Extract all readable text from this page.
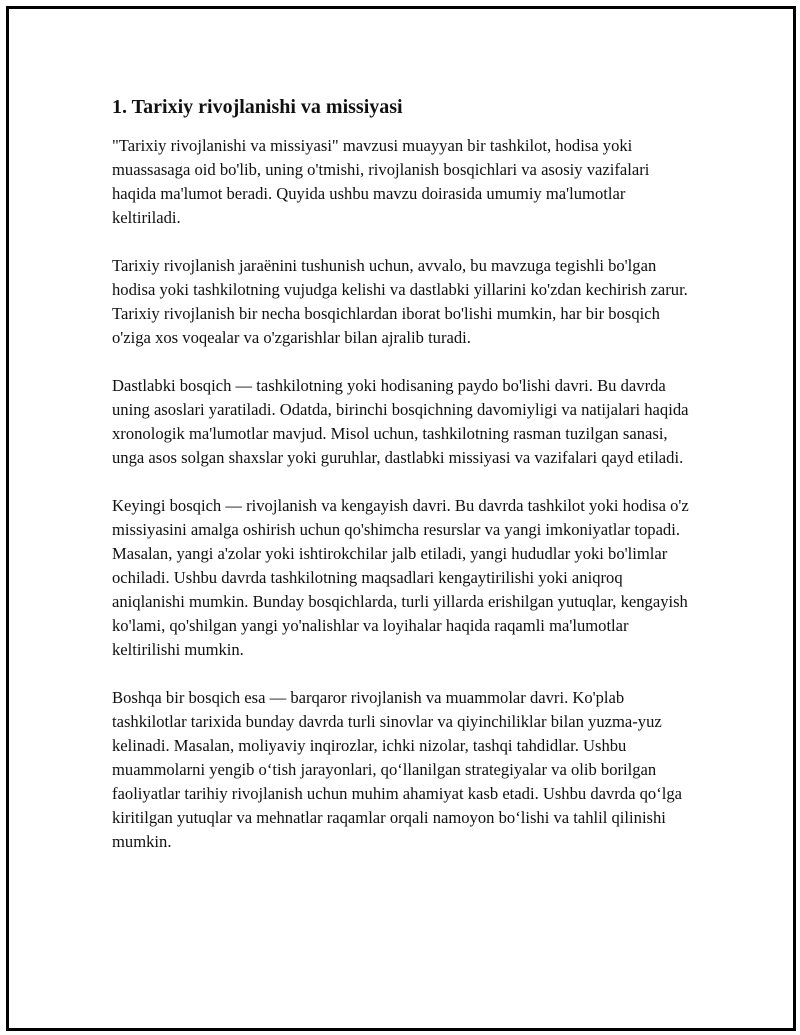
1. Tarixiy rivojlanishi va missiyasi

"Tarixiy rivojlanishi va missiyasi" mavzusi muayyan bir tashkilot, hodisa yoki muassasaga oid bo'lib, uning o'tmishi, rivojlanish bosqichlari va asosiy vazifalari haqida ma'lumot beradi. Quyida ushbu mavzu doirasida umumiy ma'lumotlar keltiriladi.

Tarixiy rivojlanish jaraënini tushunish uchun, avvalo, bu mavzuga tegishli bo'lgan hodisa yoki tashkilotning vujudga kelishi va dastlabki yillarini ko'zdan kechirish zarur. Tarixiy rivojlanish bir necha bosqichlardan iborat bo'lishi mumkin, har bir bosqich o'ziga xos voqealar va o'zgarishlar bilan ajralib turadi.

Dastlabki bosqich — tashkilotning yoki hodisaning paydo bo'lishi davri. Bu davrda uning asoslari yaratiladi. Odatda, birinchi bosqichning davomiyligi va natijalari haqida xronologik ma'lumotlar mavjud. Misol uchun, tashkilotning rasman tuzilgan sanasi, unga asos solgan shaxslar yoki guruhlar, dastlabki missiyasi va vazifalari qayd etiladi.

Keyingi bosqich — rivojlanish va kengayish davri. Bu davrda tashkilot yoki hodisa o'z missiyasini amalga oshirish uchun qo'shimcha resurslar va yangi imkoniyatlar topadi. Masalan, yangi a'zolar yoki ishtirokchilar jalb etiladi, yangi hududlar yoki bo'limlar ochiladi. Ushbu davrda tashkilotning maqsadlari kengaytirilishi yoki aniqroq aniqlanishi mumkin. Bunday bosqichlarda, turli yillarda erishilgan yutuqlar, kengayish ko'lami, qo'shilgan yangi yo'nalishlar va loyihalar haqida raqamli ma'lumotlar keltirilishi mumkin.

Boshqa bir bosqich esa — barqaror rivojlanish va muammolar davri. Ko'plab tashkilotlar tarixida bunday davrda turli sinovlar va qiyinchiliklar bilan yuzma-yuz kelinadi. Masalan, moliyaviy inqirozlar, ichki nizolar, tashqi tahdidlar. Ushbu muammolarni yengib o‘tish jarayonlari, qo‘llanilgan strategiyalar va olib borilgan faoliyatlar tarihiy rivojlanish uchun muhim ahamiyat kasb etadi. Ushbu davrda qo‘lga kiritilgan yutuqlar va mehnatlar raqamlar orqali namoyon bo‘lishi va tahlil qilinishi mumkin.
